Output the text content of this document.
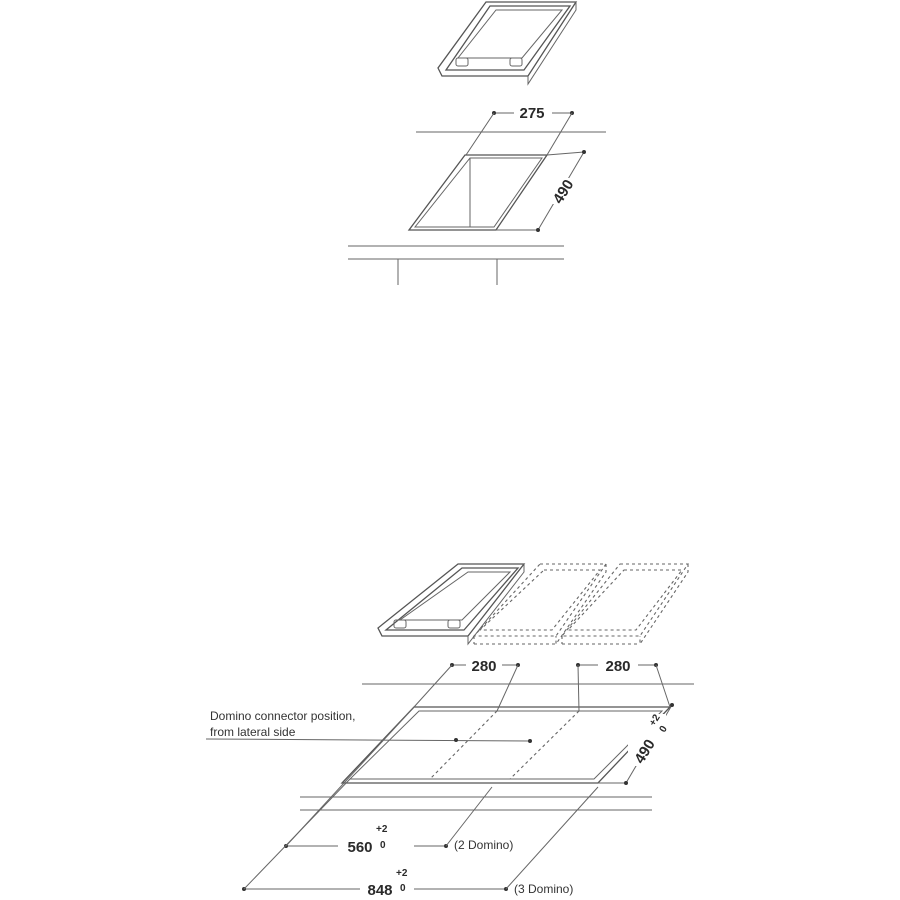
275
490
Domino connector position,
from lateral side
280	280
490
+2
0
560
+2
0	(2 Domino)
848
+2
0	(3 Domino)
